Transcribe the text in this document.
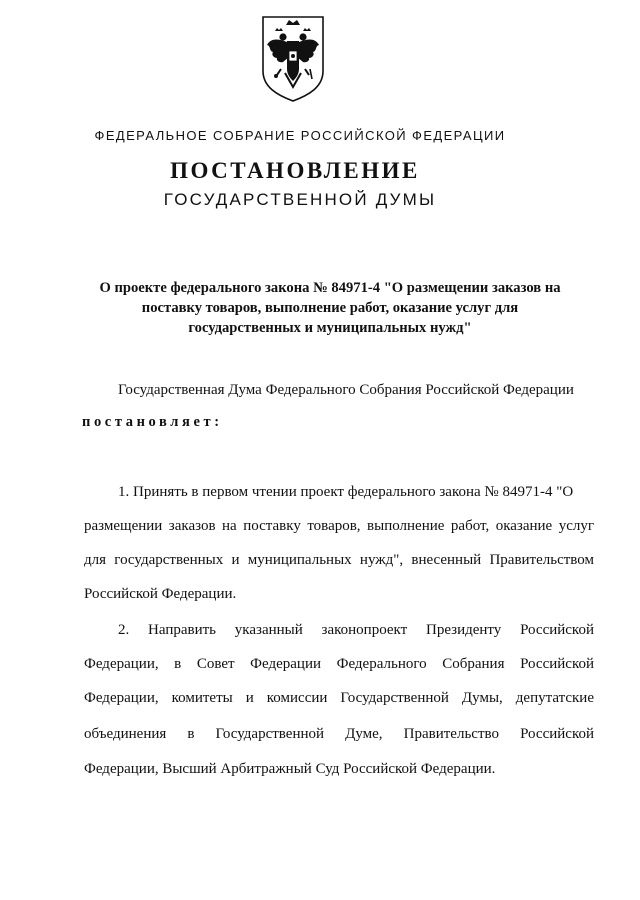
ФЕДЕРАЛЬНОЕ СОБРАНИЕ РОССИЙСКОЙ ФЕДЕРАЦИИ
ПОСТАНОВЛЕНИЕ
ГОСУДАРСТВЕННОЙ ДУМЫ
О проекте федерального закона № 84971-4 "О размещении заказов на
поставку товаров, выполнение работ, оказание услуг для
государственных и муниципальных нужд"
Государственная Дума Федерального Собрания Российской Федерации
постановляет:
1. Принять в первом чтении проект федерального закона № 84971-4 "О
размещении заказов на поставку товаров, выполнение работ, оказание услуг
для государственных и муниципальных нужд", внесенный Правительством
Российской Федерации.
2. Направить указанный законопроект Президенту Российской
Федерации, в Совет Федерации Федерального Собрания Российской
Федерации, комитеты и комиссии Государственной Думы, депутатские
объединения в Государственной Думе, Правительство Российской
Федерации, Высший Арбитражный Суд Российской Федерации.
